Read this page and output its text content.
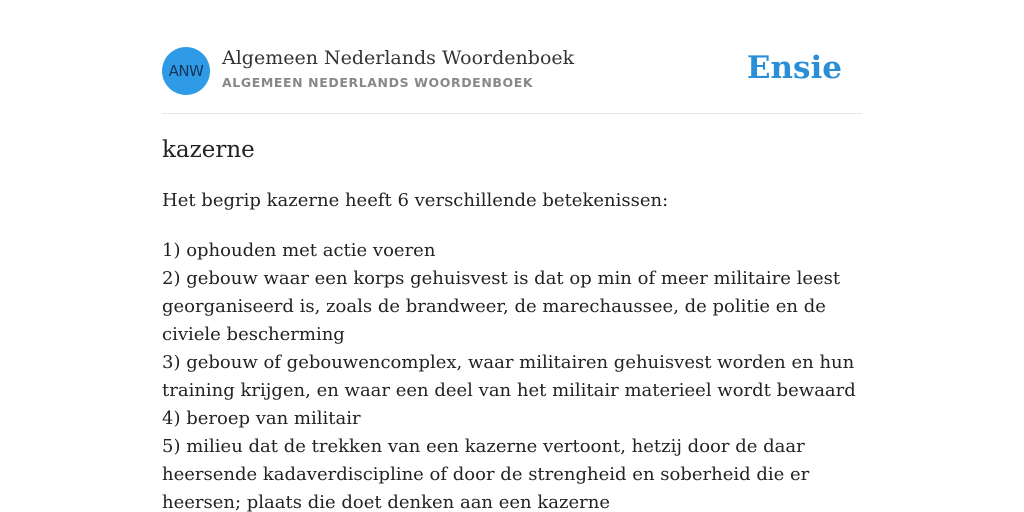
ANW
Algemeen Nederlands Woordenboek
ALGEMEEN NEDERLANDS WOORDENBOEK	Ensie
kazerne

Het begrip kazerne heeft 6 verschillende betekenissen:

1) ophouden met actie voeren
2) gebouw waar een korps gehuisvest is dat op min of meer militaire leest georganiseerd is, zoals de brandweer, de marechaussee, de politie en de civiele bescherming
3) gebouw of gebouwencomplex, waar militairen gehuisvest worden en hun training krijgen, en waar een deel van het militair materieel wordt bewaard
4) beroep van militair
5) milieu dat de trekken van een kazerne vertoont, hetzij door de daar heersende kadaverdiscipline of door de strengheid en soberheid die er heersen; plaats die doet denken aan een kazerne
